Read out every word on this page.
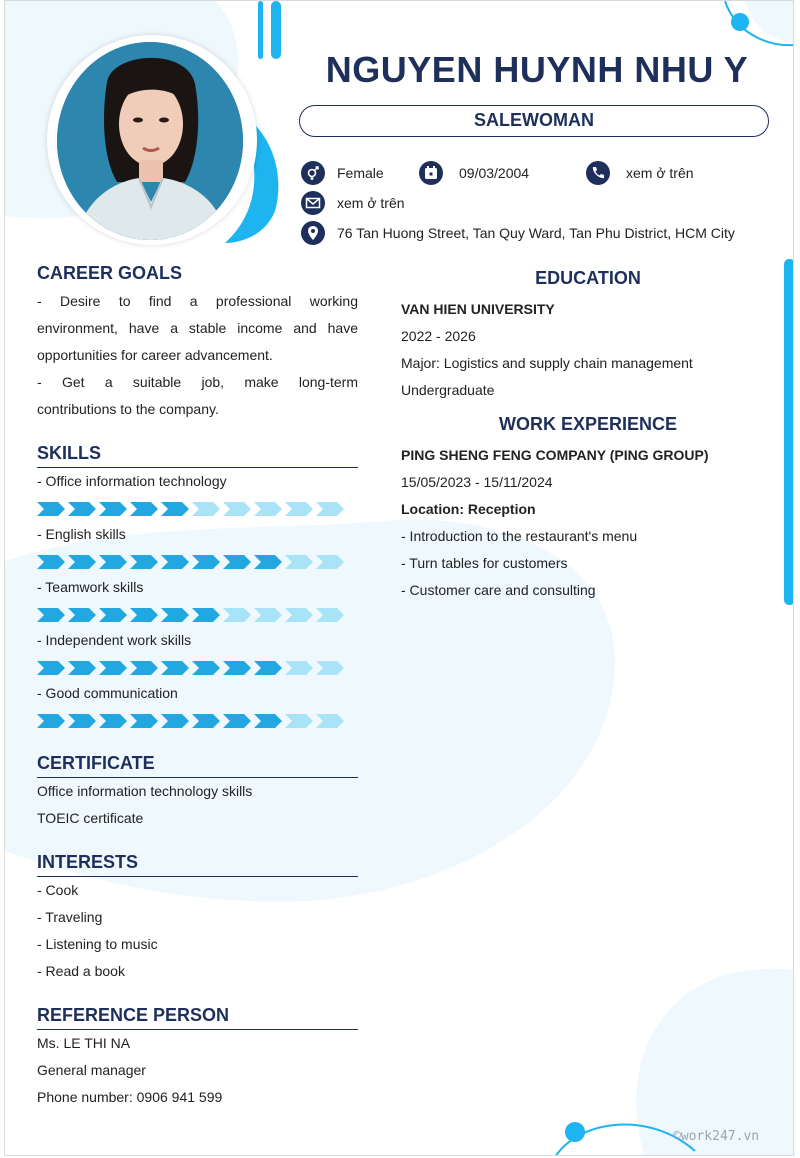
NGUYEN HUYNH NHU Y
SALEWOMAN
Female	09/03/2004	xem ở trên
xem ở trên
76 Tan Huong Street, Tan Quy Ward, Tan Phu District, HCM City
CAREER GOALS
- Desire to find a professional working
environment, have a stable income and have
opportunities for career advancement.
- Get a suitable job, make long-term
contributions to the company.
SKILLS
- Office information technology
- English skills
- Teamwork skills
- Independent work skills
- Good communication
CERTIFICATE
Office information technology skills
TOEIC certificate
INTERESTS
- Cook
- Traveling
- Listening to music
- Read a book
REFERENCE PERSON
Ms. LE THI NA
General manager
Phone number: 0906 941 599
EDUCATION
VAN HIEN UNIVERSITY
2022 - 2026
Major: Logistics and supply chain management
Undergraduate
WORK EXPERIENCE
PING SHENG FENG COMPANY (PING GROUP)
15/05/2023 - 15/11/2024
Location: Reception
- Introduction to the restaurant's menu
- Turn tables for customers
- Customer care and consulting
©work247.vn
